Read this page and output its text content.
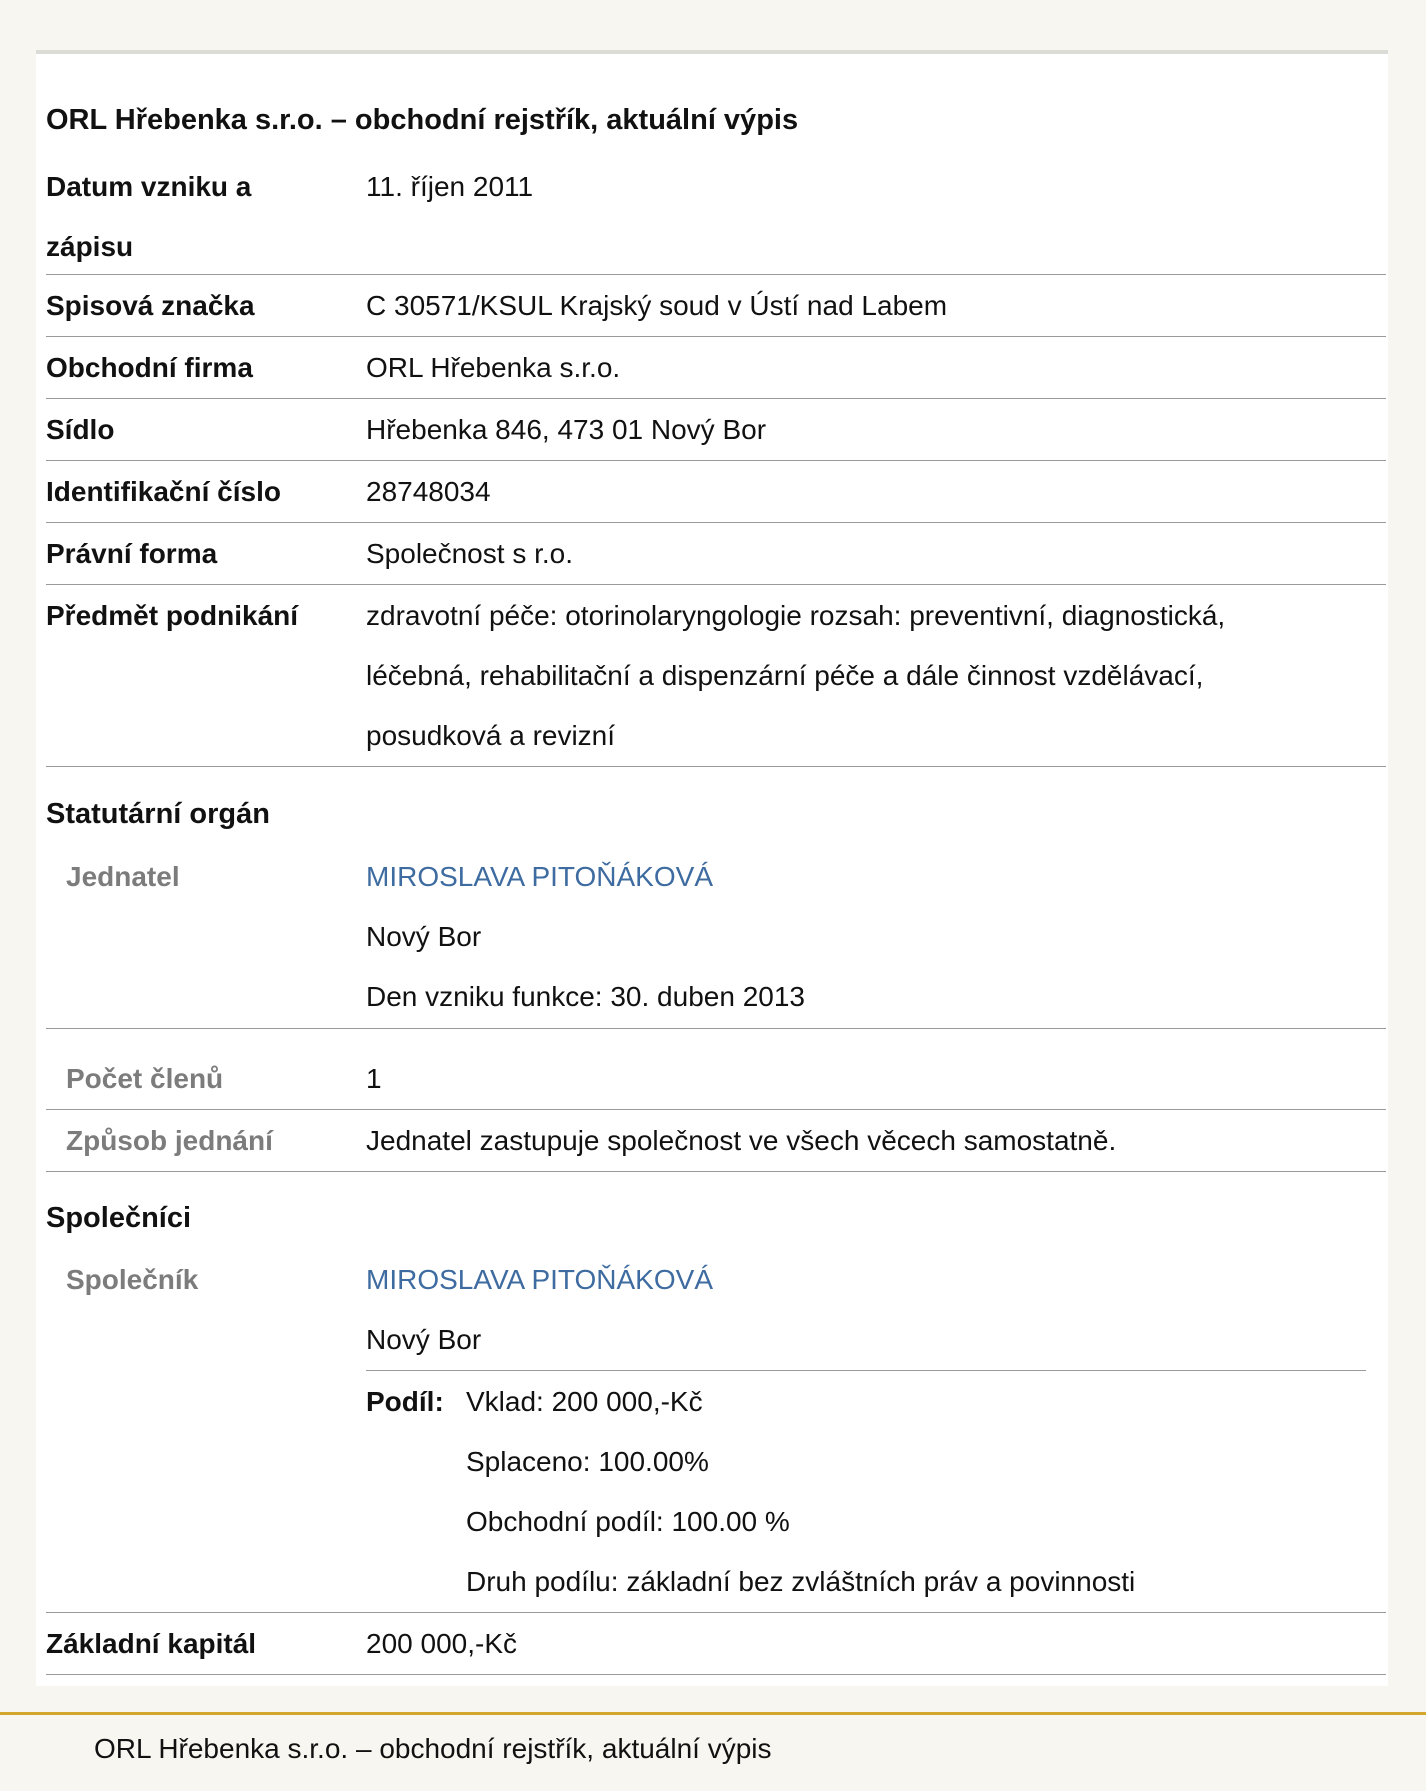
ORL Hřebenka s.r.o. – obchodní rejstřík, aktuální výpis
Datum vzniku a
zápisu
11. říjen 2011
Spisová značka	C 30571/KSUL Krajský soud v Ústí nad Labem
Obchodní firma	ORL Hřebenka s.r.o.
Sídlo	Hřebenka 846, 473 01 Nový Bor
Identifikační číslo	28748034
Právní forma	Společnost s r.o.
Předmět podnikání zdravotní péče: otorinolaryngologie rozsah: preventivní, diagnostická,
léčebná, rehabilitační a dispenzární péče a dále činnost vzdělávací,
posudková a revizní
Statutární orgán
Jednatel	MIROSLAVA PITOŇÁKOVÁ
Nový Bor
Den vzniku funkce: 30. duben 2013
Počet členů	1
Způsob jednání	Jednatel zastupuje společnost ve všech věcech samostatně.
Společníci
Společník	MIROSLAVA PITOŇÁKOVÁ
Nový Bor
Podíl: Vklad: 200 000,-Kč
Splaceno: 100.00%
Obchodní podíl: 100.00 %
Druh podílu: základní bez zvláštních práv a povinnosti
Základní kapitál	200 000,-Kč
ORL Hřebenka s.r.o. – obchodní rejstřík, aktuální výpis
